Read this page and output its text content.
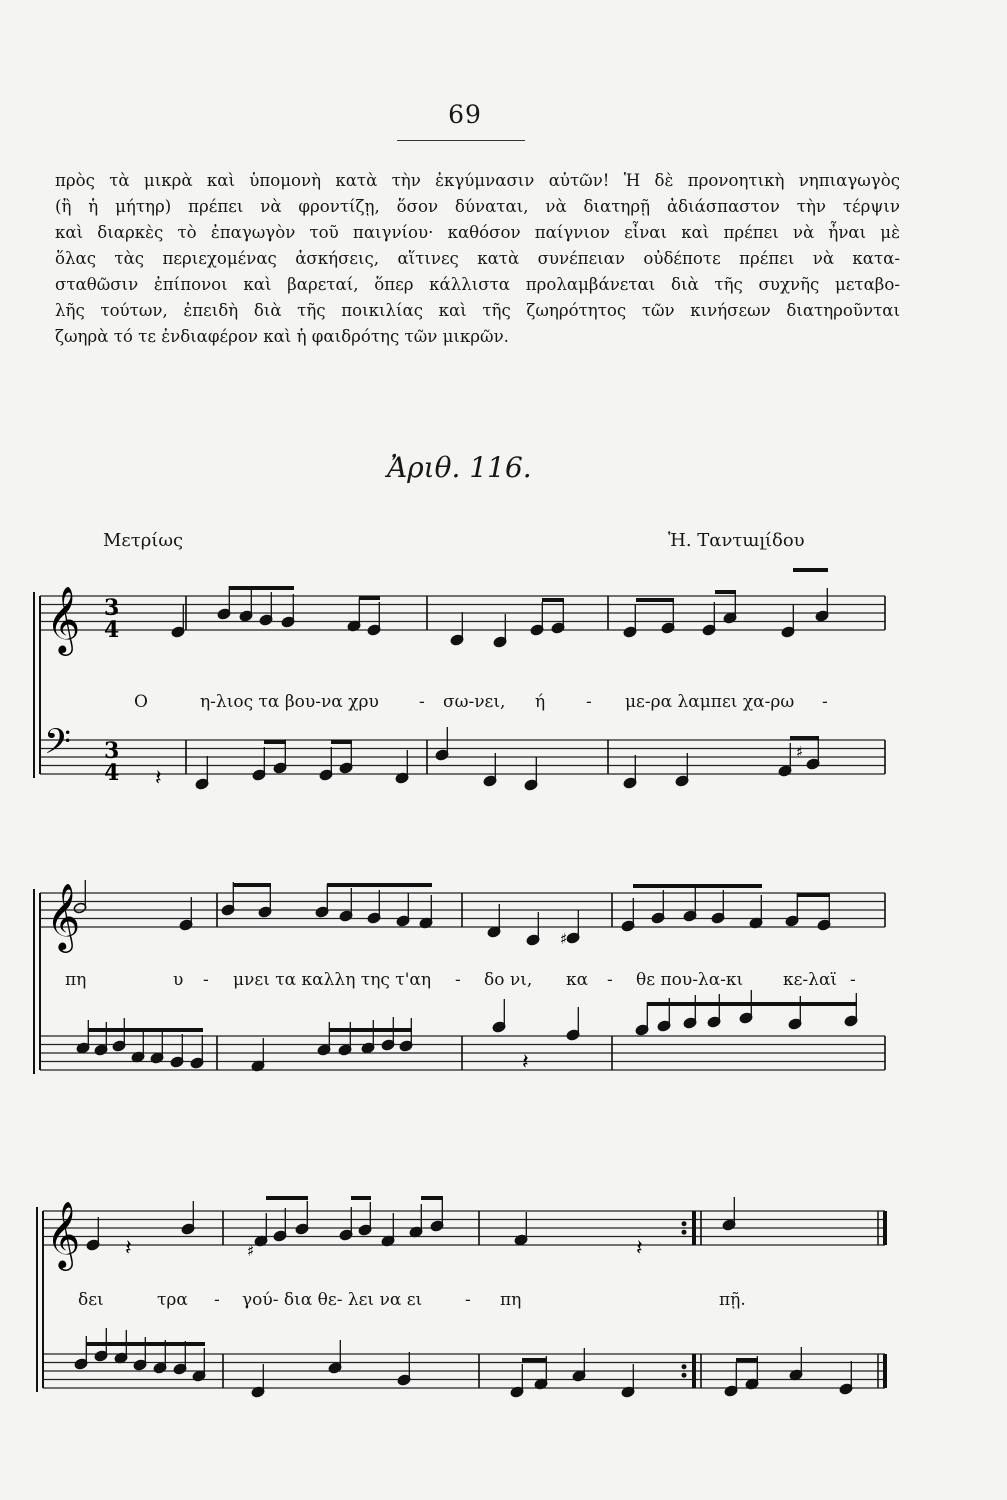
69
πρὸς τὰ μικρὰ καὶ ὑπομονὴ κατὰ τὴν ἐκγύμνασιν αὐτῶν! Ἡ δὲ προνοητικὴ νηπιαγωγὸς
(ἢ ἡ μήτηρ) πρέπει νὰ φροντίζῃ, ὅσον δύναται, νὰ διατηρῇ ἀδιάσπαστον τὴν τέρψιν
καὶ διαρκὲς τὸ ἐπαγωγὸν τοῦ παιγνίου· καθόσον παίγνιον εἶναι καὶ πρέπει νὰ ἦναι μὲ
ὅλας τὰς περιεχομένας ἀσκήσεις, αἵτινες κατὰ συνέπειαν οὐδέποτε πρέπει νὰ κατα-
σταθῶσιν ἐπίπονοι καὶ βαρεταί, ὅπερ κάλλιστα προλαμβάνεται διὰ τῆς συχνῆς μεταβο-
λῆς τούτων, ἐπειδὴ διὰ τῆς ποικιλίας καὶ τῆς ζωηρότητος τῶν κινήσεων διατηροῦνται
ζωηρὰ τό τε ἐνδιαφέρον καὶ ἡ φαιδρότης τῶν μικρῶν.
Ἀριθ. 116.
Μετρίως	Ἡ. Ταντալίδου
𝄞
𝄢
3
4
3
4
𝄞
𝄞
𝄽
♯
♯
𝄽
𝄽	𝄽
♯
Ο	η-λιος τα βου-να χρυ - σω-νει, ή - με-ρα λαμπει χα-ρω -
πη	υ - μνει τα καλλη της τ'αη - δο νι, κα - θε που-λα-κι κε-λαϊ -
δει	τρα - γού- δια θε- λει να ει	- πη	πῇ.
